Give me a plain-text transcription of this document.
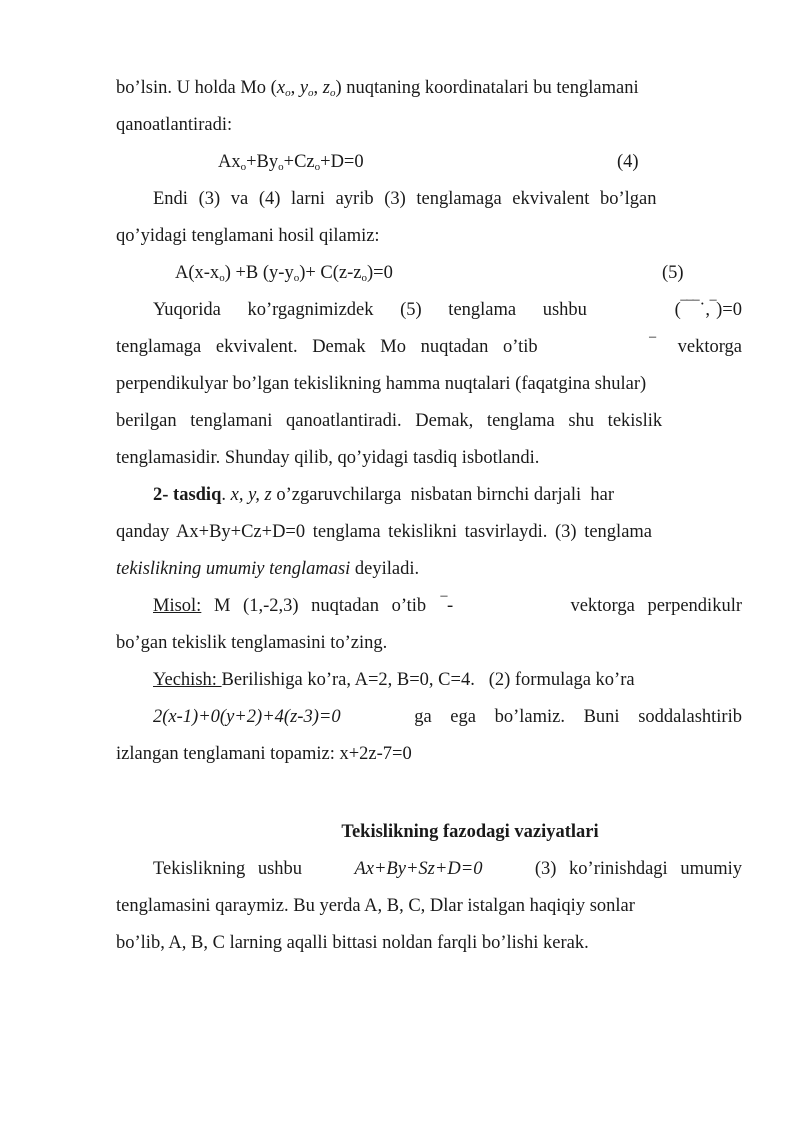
bo’lsin. U holda Mo ($x_o$, $y_o$, $z_o$) nuqtaning koordinatalari bu tenglamani
qanoatlantiradi:
$Ax_o+By_o+Cz_o+D=0$	(4)
Endi (3) va (4) larni ayrib (3) tenglamaga ekvivalent bo’lgan
qo’yidagi tenglamani hosil qilamiz:
$A(x-x_o) +B$ $(y-y_o)+ C(z-z_o)=0$	(5)
Yuqorida ko’rgagnimizdek (5) tenglama ushbu	(‾‾‾˙,‾)=0
tenglamaga ekvivalent. Demak Mo nuqtadan o’tib	‾ vektorga
perpendikulyar bo’lgan tekislikning hamma nuqtalari (faqatgina shular)
berilgan tenglamani qanoatlantiradi. Demak, tenglama shu tekislik
tenglamasidir. Shunday qilib, qo’yidagi tasdiq isbotlandi.
2- tasdiq. x, y, z o’zgaruvchilarga  nisbatan birnchi darjali  har
qanday Ax+By+Cz+D=0 tenglama tekislikni tasvirlaydi. (3) tenglama
tekislikning umumiy tenglamasi deyiladi.
Misol: M (1,-2,3) nuqtadan o’tib ‾-	vektorga perpendikulr
bo’gan tekislik tenglamasini to’zing.
Yechish: Berilishiga ko’ra, A=2, B=0, C=4.   (2) formulaga ko’ra
2(x-1)+0(y+2)+4(z-3)=0	ga ega bo’lamiz. Buni soddalashtirib
izlangan tenglamani topamiz: x+2z-7=0
Tekislikning fazodagi vaziyatlari
Tekislikning ushbu	Ax+By+Sz+D=0	(3) ko’rinishdagi umumiy
tenglamasini qaraymiz. Bu yerda A, B, C, Dlar istalgan haqiqiy sonlar
bo’lib, A, B, C larning aqalli bittasi noldan farqli bo’lishi kerak.
